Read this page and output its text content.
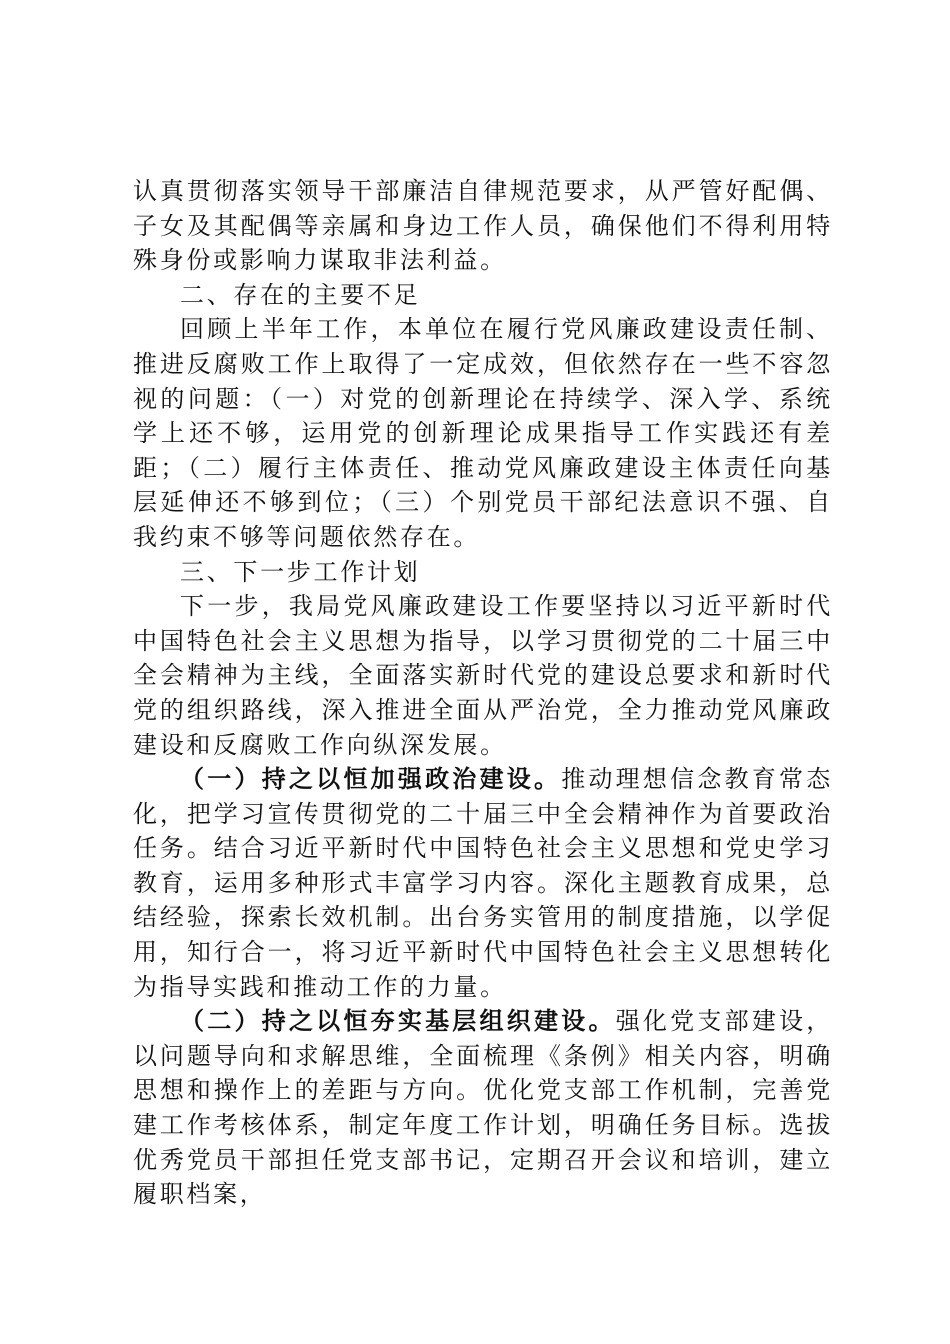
认真贯彻落实领导干部廉洁自律规范要求，从严管好配偶、子女及其配偶等亲属和身边工作人员，确保他们不得利用特殊身份或影响力谋取非法利益。

二、存在的主要不足

回顾上半年工作，本单位在履行党风廉政建设责任制、推进反腐败工作上取得了一定成效，但依然存在一些不容忽视的问题：（一）对党的创新理论在持续学、深入学、系统学上还不够，运用党的创新理论成果指导工作实践还有差距；（二）履行主体责任、推动党风廉政建设主体责任向基层延伸还不够到位；（三）个别党员干部纪法意识不强、自我约束不够等问题依然存在。

三、下一步工作计划

下一步，我局党风廉政建设工作要坚持以习近平新时代中国特色社会主义思想为指导，以学习贯彻党的二十届三中全会精神为主线，全面落实新时代党的建设总要求和新时代党的组织路线，深入推进全面从严治党，全力推动党风廉政建设和反腐败工作向纵深发展。

（一）持之以恒加强政治建设。推动理想信念教育常态化，把学习宣传贯彻党的二十届三中全会精神作为首要政治任务。结合习近平新时代中国特色社会主义思想和党史学习教育，运用多种形式丰富学习内容。深化主题教育成果，总结经验，探索长效机制。出台务实管用的制度措施，以学促用，知行合一，将习近平新时代中国特色社会主义思想转化为指导实践和推动工作的力量。

（二）持之以恒夯实基层组织建设。强化党支部建设，以问题导向和求解思维，全面梳理《条例》相关内容，明确思想和操作上的差距与方向。优化党支部工作机制，完善党建工作考核体系，制定年度工作计划，明确任务目标。选拔优秀党员干部担任党支部书记，定期召开会议和培训，建立履职档案，
